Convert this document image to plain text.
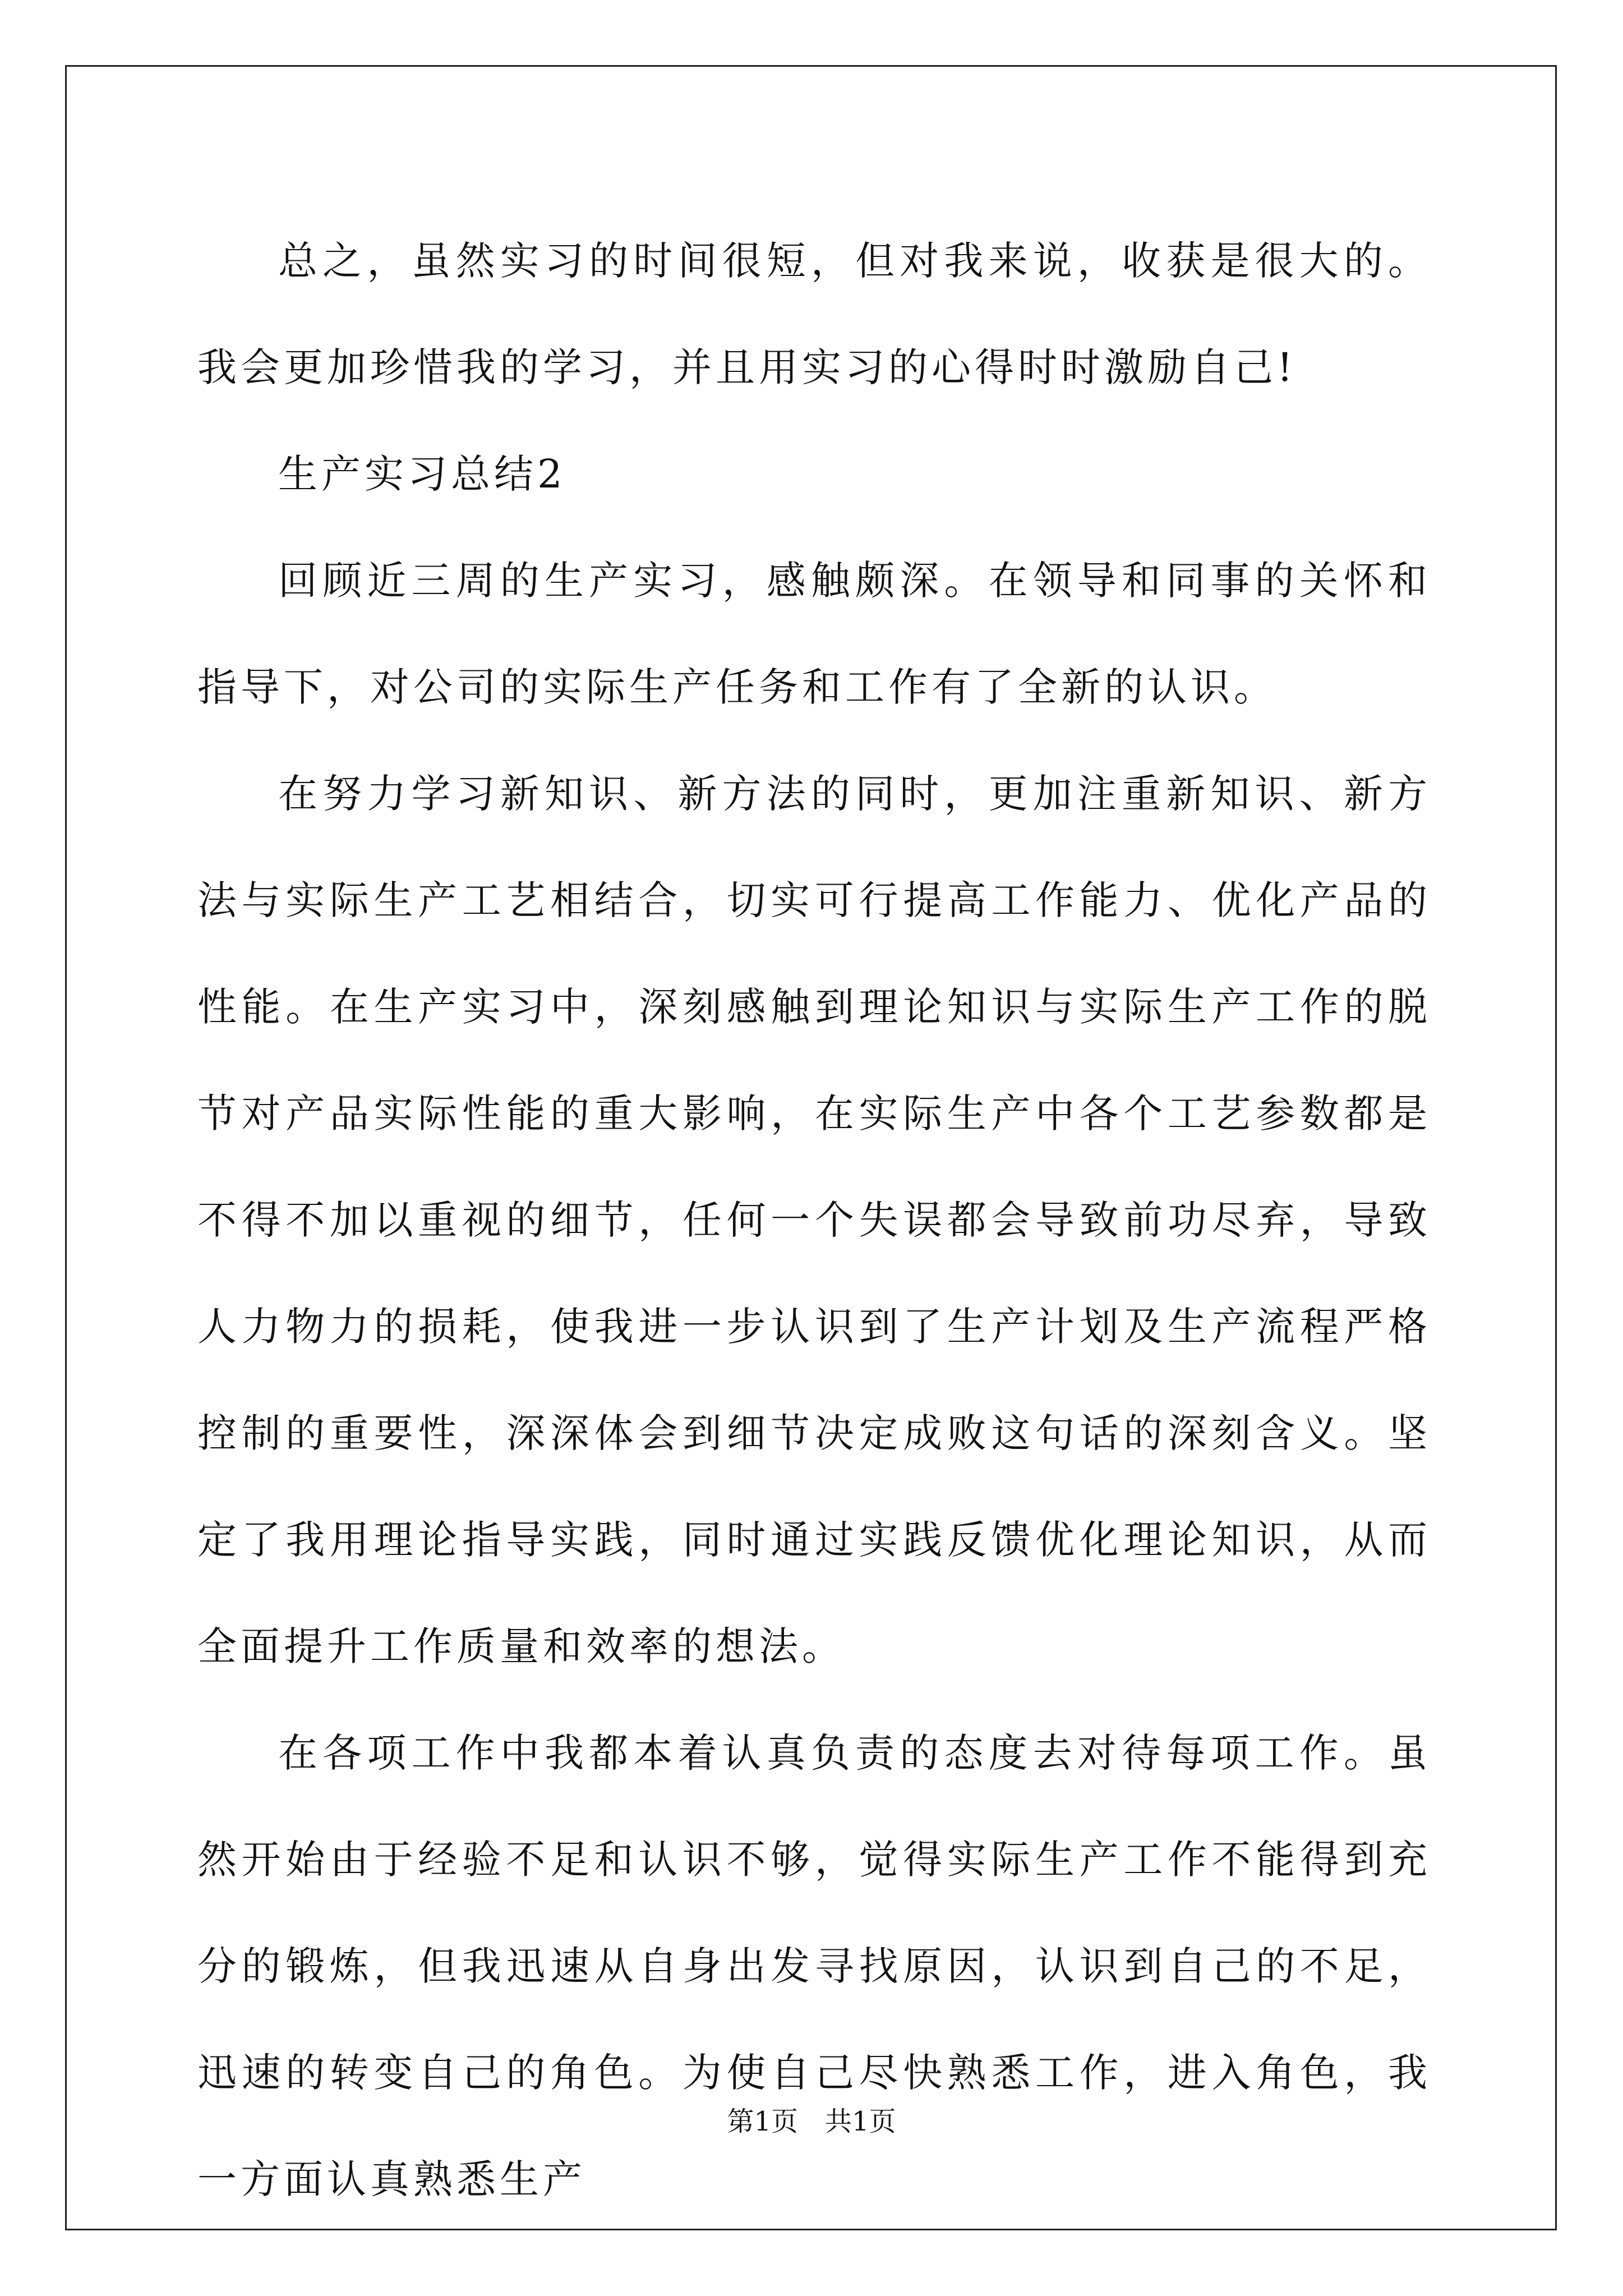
总之，虽然实习的时间很短，但对我来说，收获是很大的。我会更加珍惜我的学习，并且用实习的心得时时激励自己!

生产实习总结2

回顾近三周的生产实习，感触颇深。在领导和同事的关怀和指导下，对公司的实际生产任务和工作有了全新的认识。

在努力学习新知识、新方法的同时，更加注重新知识、新方法与实际生产工艺相结合，切实可行提高工作能力、优化产品的性能。在生产实习中，深刻感触到理论知识与实际生产工作的脱节对产品实际性能的重大影响，在实际生产中各个工艺参数都是不得不加以重视的细节，任何一个失误都会导致前功尽弃，导致人力物力的损耗，使我进一步认识到了生产计划及生产流程严格控制的重要性，深深体会到细节决定成败这句话的深刻含义。坚定了我用理论指导实践，同时通过实践反馈优化理论知识，从而全面提升工作质量和效率的想法。

在各项工作中我都本着认真负责的态度去对待每项工作。虽然开始由于经验不足和认识不够，觉得实际生产工作不能得到充分的锻炼，但我迅速从自身出发寻找原因，认识到自己的不足，迅速的转变自己的角色。为使自己尽快熟悉工作，进入角色，我一方面认真熟悉生产

第1页 共1页
